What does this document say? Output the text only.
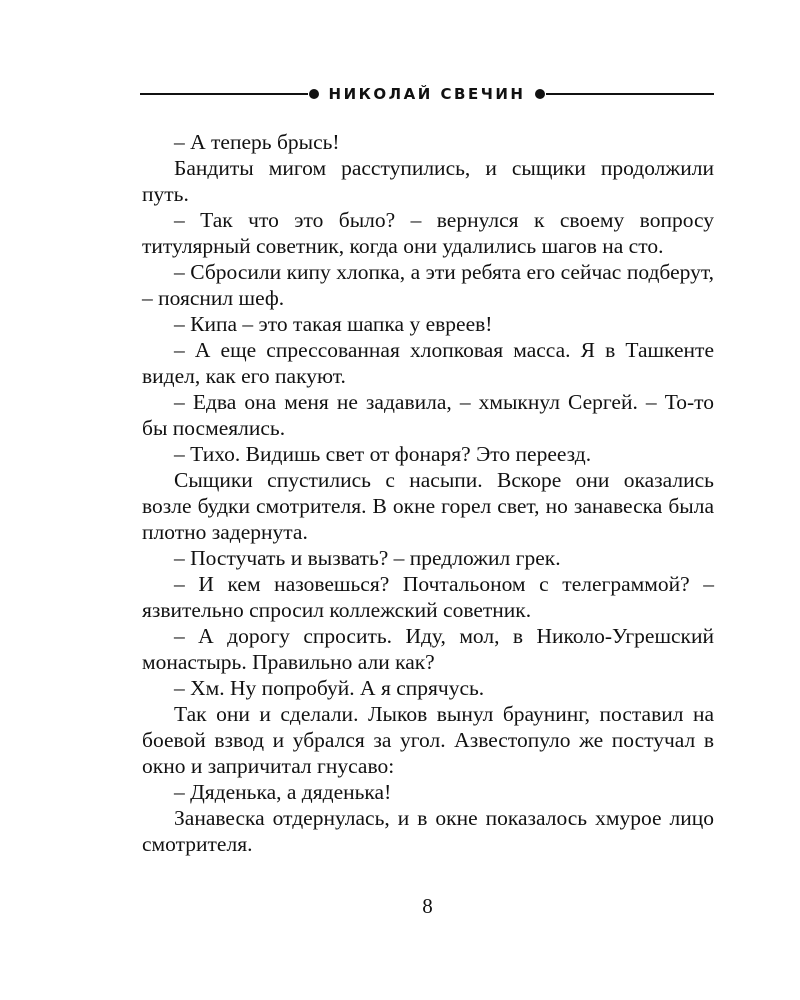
НИКОЛАЙ СВЕЧИН

– А теперь брысь!

Бандиты мигом расступились, и сыщики продолжили путь.

– Так что это было? – вернулся к своему вопросу титулярный советник, когда они удалились шагов на сто.

– Сбросили кипу хлопка, а эти ребята его сейчас подберут, – пояснил шеф.

– Кипа – это такая шапка у евреев!

– А еще спрессованная хлопковая масса. Я в Ташкенте видел, как его пакуют.

– Едва она меня не задавила, – хмыкнул Сергей. – То-то бы посмеялись.

– Тихо. Видишь свет от фонаря? Это переезд.

Сыщики спустились с насыпи. Вскоре они оказались возле будки смотрителя. В окне горел свет, но занавеска была плотно задернута.

– Постучать и вызвать? – предложил грек.

– И кем назовешься? Почтальоном с телеграммой? – язвительно спросил коллежский советник.

– А дорогу спросить. Иду, мол, в Николо-Угрешский монастырь. Правильно али как?

– Хм. Ну попробуй. А я спрячусь.

Так они и сделали. Лыков вынул браунинг, поставил на боевой взвод и убрался за угол. Азвестопуло же постучал в окно и запричитал гнусаво:

– Дяденька, а дяденька!

Занавеска отдернулась, и в окне показалось хмурое лицо смотрителя.

8
